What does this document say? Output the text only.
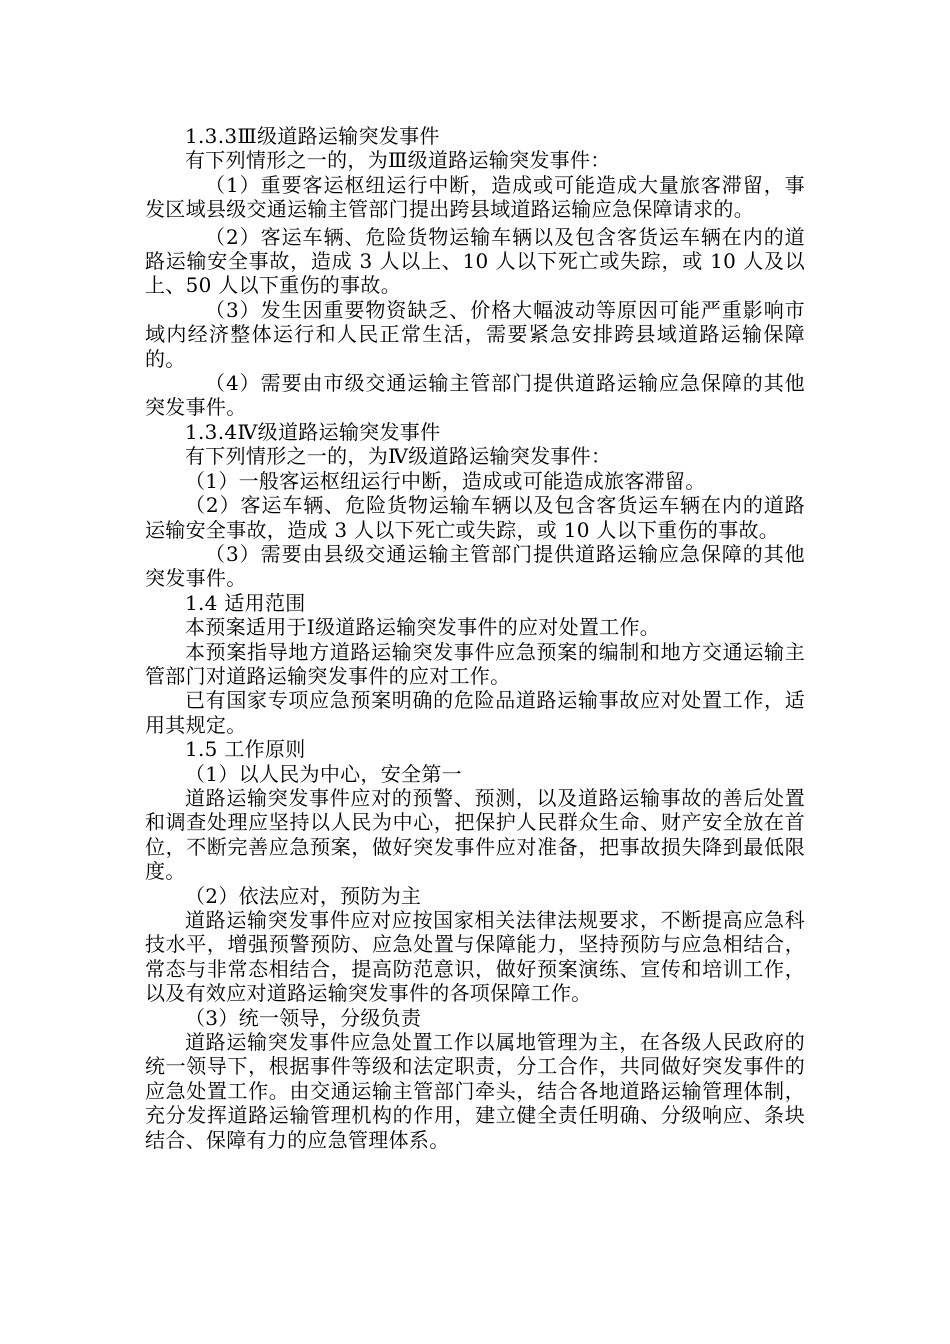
1.3.3Ⅲ级道路运输突发事件

有下列情形之一的，为Ⅲ级道路运输突发事件：

（1）重要客运枢纽运行中断，造成或可能造成大量旅客滞留，事发区域县级交通运输主管部门提出跨县域道路运输应急保障请求的。

（2）客运车辆、危险货物运输车辆以及包含客货运车辆在内的道路运输安全事故，造成 3 人以上、10 人以下死亡或失踪，或 10 人及以上、50 人以下重伤的事故。

（3）发生因重要物资缺乏、价格大幅波动等原因可能严重影响市域内经济整体运行和人民正常生活，需要紧急安排跨县域道路运输保障的。

（4）需要由市级交通运输主管部门提供道路运输应急保障的其他突发事件。

1.3.4Ⅳ级道路运输突发事件

有下列情形之一的，为Ⅳ级道路运输突发事件：

（1）一般客运枢纽运行中断，造成或可能造成旅客滞留。

（2）客运车辆、危险货物运输车辆以及包含客货运车辆在内的道路运输安全事故，造成 3 人以下死亡或失踪，或 10 人以下重伤的事故。

（3）需要由县级交通运输主管部门提供道路运输应急保障的其他突发事件。

1.4 适用范围

本预案适用于Ⅰ级道路运输突发事件的应对处置工作。

本预案指导地方道路运输突发事件应急预案的编制和地方交通运输主管部门对道路运输突发事件的应对工作。

已有国家专项应急预案明确的危险品道路运输事故应对处置工作，适用其规定。

1.5 工作原则

（1）以人民为中心，安全第一

道路运输突发事件应对的预警、预测，以及道路运输事故的善后处置和调查处理应坚持以人民为中心，把保护人民群众生命、财产安全放在首位，不断完善应急预案，做好突发事件应对准备，把事故损失降到最低限度。

（2）依法应对，预防为主

道路运输突发事件应对应按国家相关法律法规要求，不断提高应急科技水平，增强预警预防、应急处置与保障能力，坚持预防与应急相结合，常态与非常态相结合，提高防范意识，做好预案演练、宣传和培训工作，以及有效应对道路运输突发事件的各项保障工作。

（3）统一领导，分级负责

道路运输突发事件应急处置工作以属地管理为主，在各级人民政府的统一领导下，根据事件等级和法定职责，分工合作，共同做好突发事件的应急处置工作。由交通运输主管部门牵头，结合各地道路运输管理体制，充分发挥道路运输管理机构的作用，建立健全责任明确、分级响应、条块结合、保障有力的应急管理体系。
